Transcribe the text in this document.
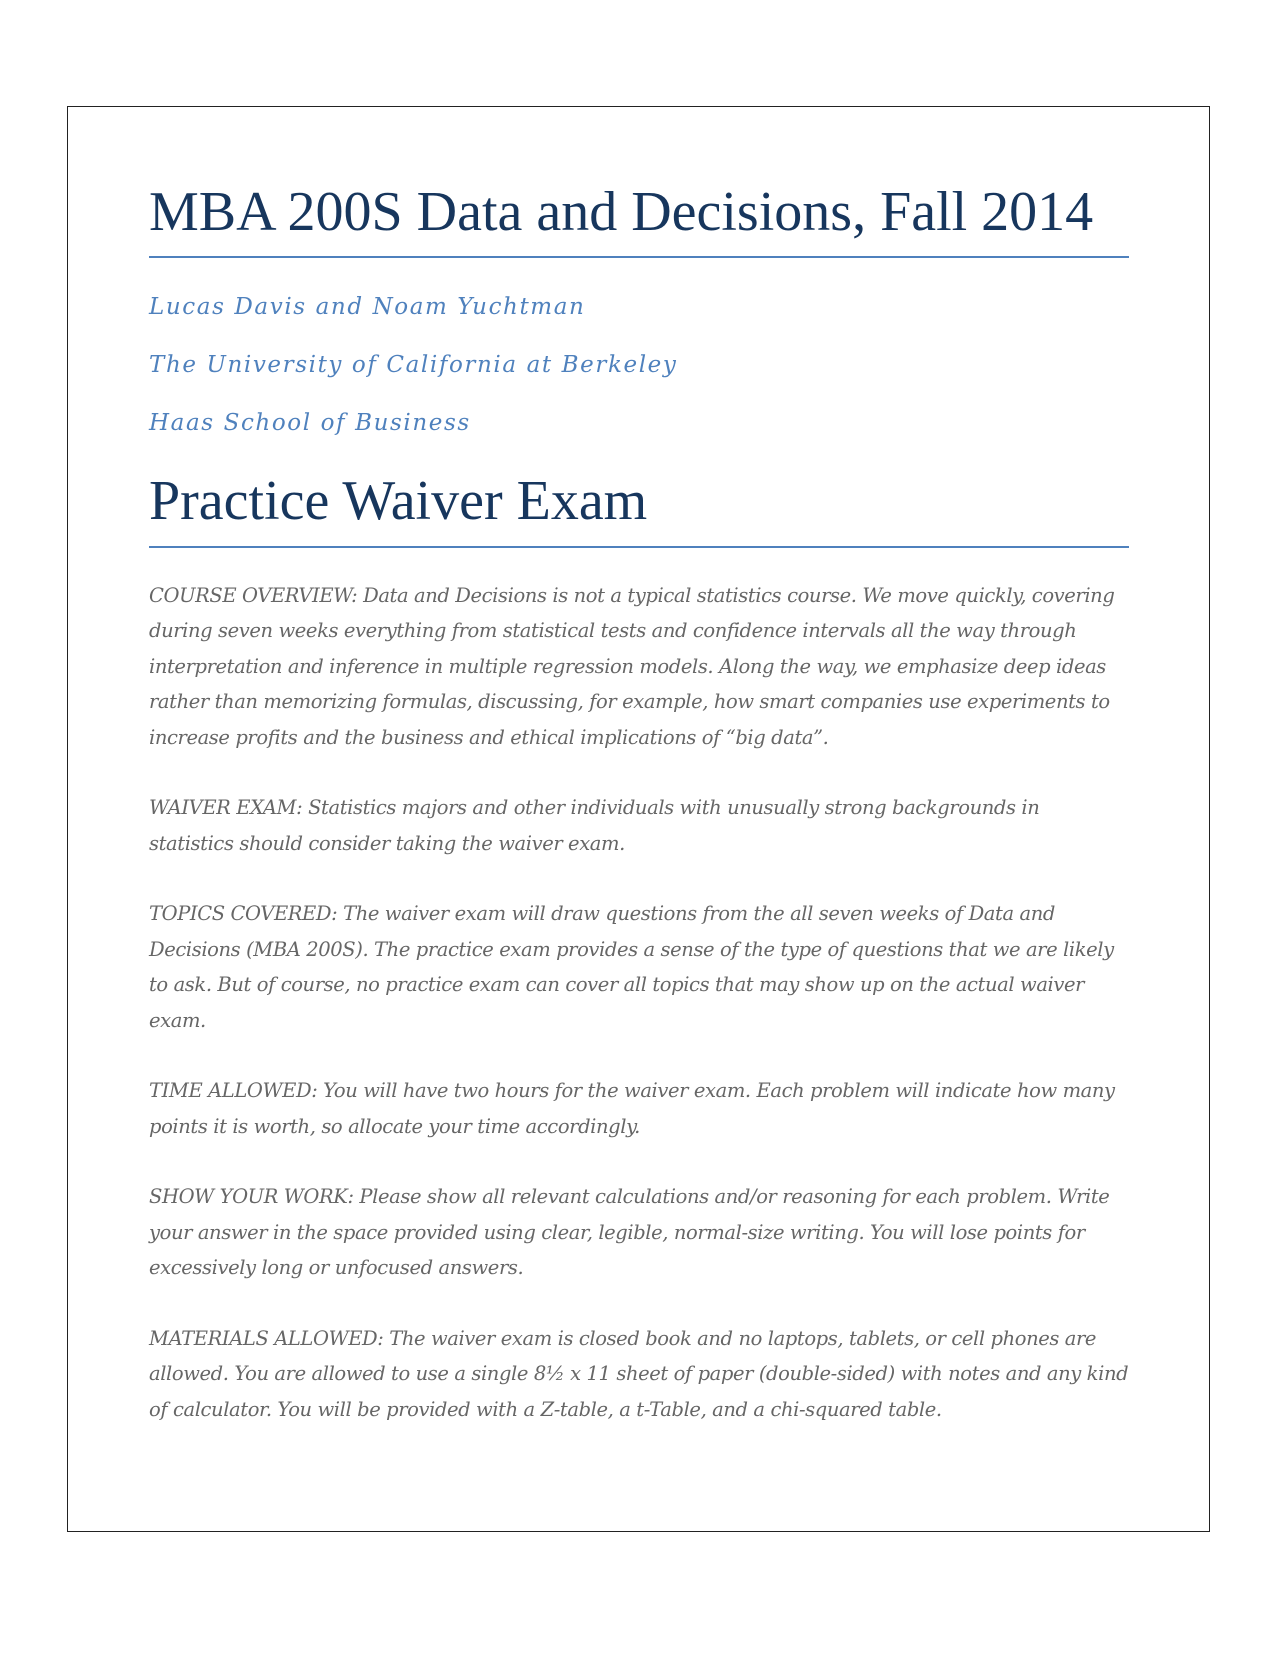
MBA 200S Data and Decisions, Fall 2014

Lucas Davis and Noam Yuchtman

The University of California at Berkeley

Haas School of Business

Practice Waiver Exam

COURSE OVERVIEW: Data and Decisions is not a typical statistics course. We move quickly, covering during seven weeks everything from statistical tests and confidence intervals all the way through interpretation and inference in multiple regression models. Along the way, we emphasize deep ideas rather than memorizing formulas, discussing, for example, how smart companies use experiments to increase profits and the business and ethical implications of “big data”.

WAIVER EXAM: Statistics majors and other individuals with unusually strong backgrounds in statistics should consider taking the waiver exam.

TOPICS COVERED: The waiver exam will draw questions from the all seven weeks of Data and Decisions (MBA 200S). The practice exam provides a sense of the type of questions that we are likely to ask. But of course, no practice exam can cover all topics that may show up on the actual waiver exam.

TIME ALLOWED: You will have two hours for the waiver exam. Each problem will indicate how many points it is worth, so allocate your time accordingly.

SHOW YOUR WORK: Please show all relevant calculations and/or reasoning for each problem. Write your answer in the space provided using clear, legible, normal-size writing. You will lose points for excessively long or unfocused answers.

MATERIALS ALLOWED: The waiver exam is closed book and no laptops, tablets, or cell phones are allowed. You are allowed to use a single 8½ x 11 sheet of paper (double-sided) with notes and any kind of calculator. You will be provided with a Z-table, a t-Table, and a chi-squared table.
